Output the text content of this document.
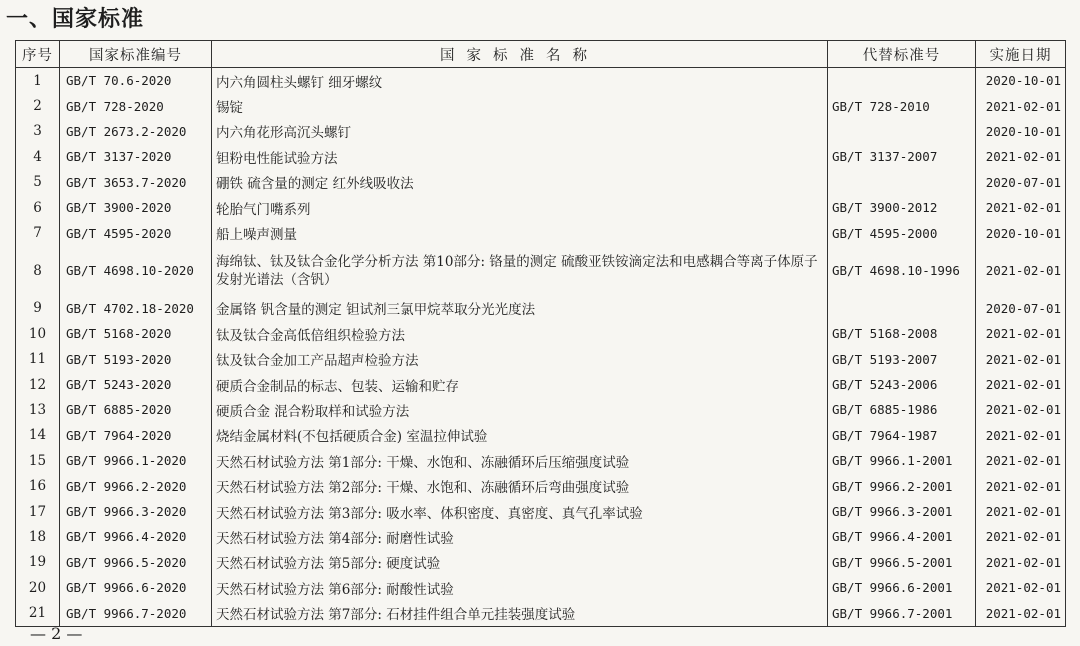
一、国家标准
序号	国家标准编号	国家标准名称	代替标准号	实施日期
1	GB/T 70.6-2020	内六角圆柱头螺钉 细牙螺纹		2020-10-01
2	GB/T 728-2020	锡锭	GB/T 728-2010	2021-02-01
3	GB/T 2673.2-2020	内六角花形高沉头螺钉		2020-10-01
4	GB/T 3137-2020	钽粉电性能试验方法	GB/T 3137-2007	2021-02-01
5	GB/T 3653.7-2020	硼铁 硫含量的测定 红外线吸收法		2020-07-01
6	GB/T 3900-2020	轮胎气门嘴系列	GB/T 3900-2012	2021-02-01
7	GB/T 4595-2020	船上噪声测量	GB/T 4595-2000	2020-10-01
8	GB/T 4698.10-2020	海绵钛、钛及钛合金化学分析方法 第10部分: 铬量的测定 硫酸亚铁铵滴定法和电感耦合等离子体原子发射光谱法（含钒）	GB/T 4698.10-1996	2021-02-01
9	GB/T 4702.18-2020	金属铬 钒含量的测定 钽试剂三氯甲烷萃取分光光度法		2020-07-01
10	GB/T 5168-2020	钛及钛合金高低倍组织检验方法	GB/T 5168-2008	2021-02-01
11	GB/T 5193-2020	钛及钛合金加工产品超声检验方法	GB/T 5193-2007	2021-02-01
12	GB/T 5243-2020	硬质合金制品的标志、包装、运输和贮存	GB/T 5243-2006	2021-02-01
13	GB/T 6885-2020	硬质合金 混合粉取样和试验方法	GB/T 6885-1986	2021-02-01
14	GB/T 7964-2020	烧结金属材料(不包括硬质合金) 室温拉伸试验	GB/T 7964-1987	2021-02-01
15	GB/T 9966.1-2020	天然石材试验方法 第1部分: 干燥、水饱和、冻融循环后压缩强度试验	GB/T 9966.1-2001	2021-02-01
16	GB/T 9966.2-2020	天然石材试验方法 第2部分: 干燥、水饱和、冻融循环后弯曲强度试验	GB/T 9966.2-2001	2021-02-01
17	GB/T 9966.3-2020	天然石材试验方法 第3部分: 吸水率、体积密度、真密度、真气孔率试验	GB/T 9966.3-2001	2021-02-01
18	GB/T 9966.4-2020	天然石材试验方法 第4部分: 耐磨性试验	GB/T 9966.4-2001	2021-02-01
19	GB/T 9966.5-2020	天然石材试验方法 第5部分: 硬度试验	GB/T 9966.5-2001	2021-02-01
20	GB/T 9966.6-2020	天然石材试验方法 第6部分: 耐酸性试验	GB/T 9966.6-2001	2021-02-01
21	GB/T 9966.7-2020	天然石材试验方法 第7部分: 石材挂件组合单元挂装强度试验	GB/T 9966.7-2001	2021-02-01
— 2 —
